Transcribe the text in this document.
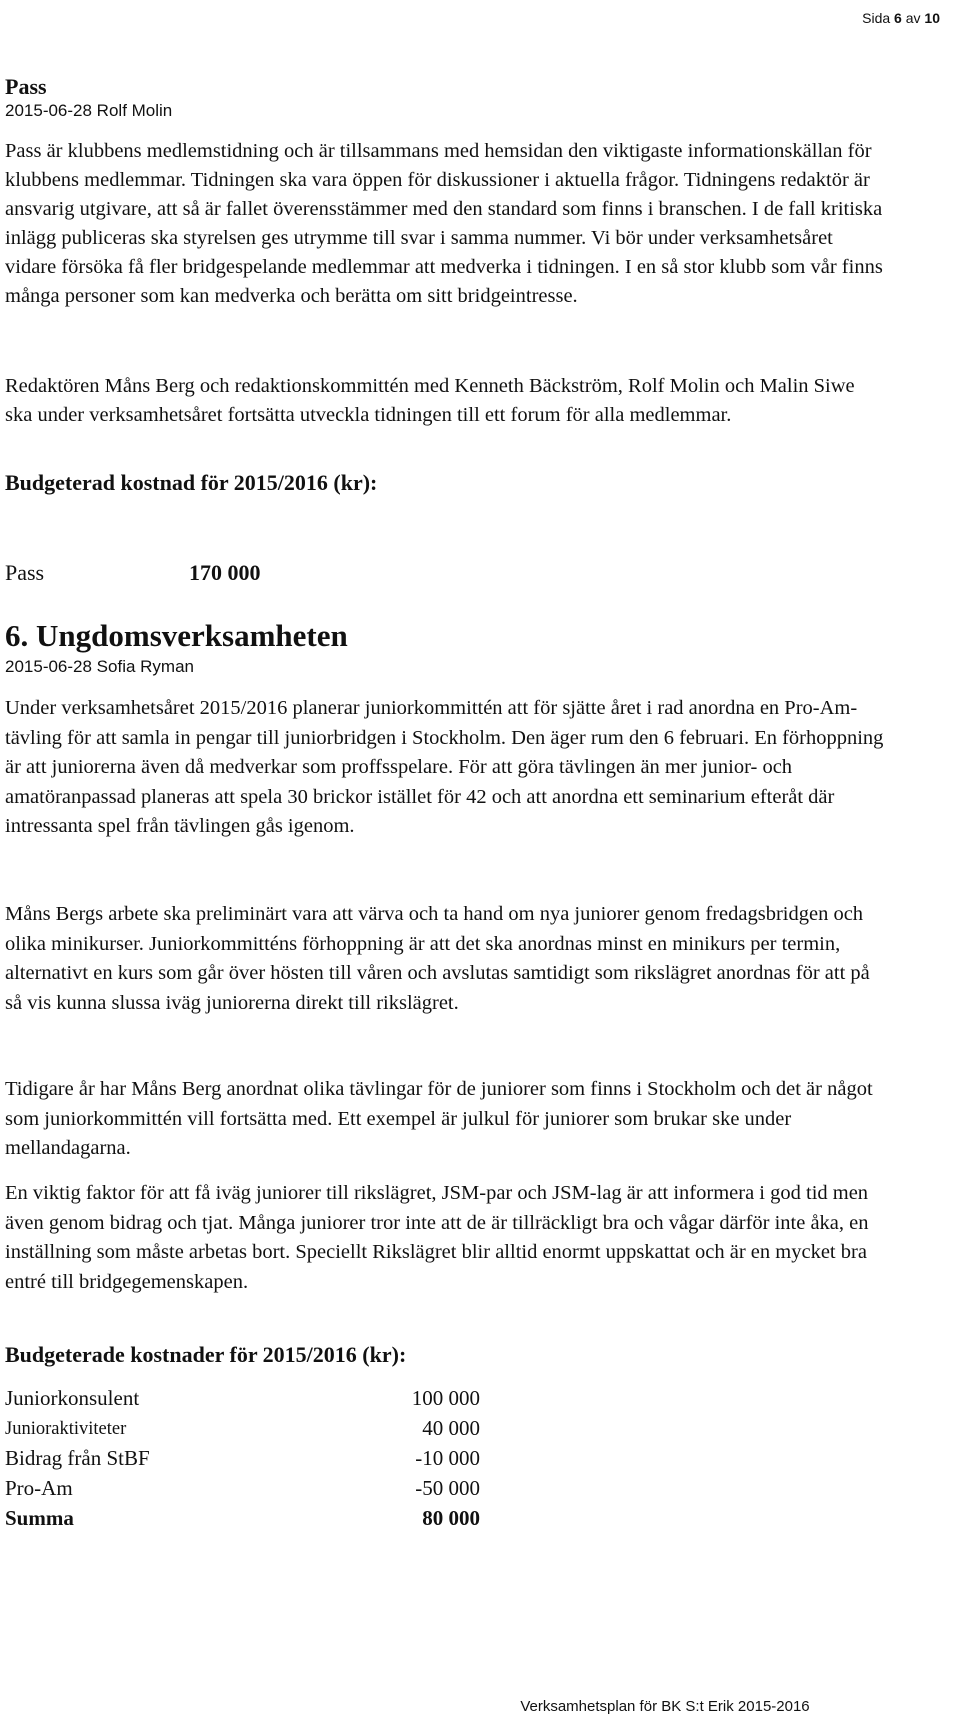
Sida 6 av 10
Pass
2015-06-28 Rolf Molin

Pass är klubbens medlemstidning och är tillsammans med hemsidan den viktigaste informationskällan för klubbens medlemmar. Tidningen ska vara öppen för diskussioner i aktuella frågor. Tidningens redaktör är ansvarig utgivare, att så är fallet överensstämmer med den standard som finns i branschen. I de fall kritiska inlägg publiceras ska styrelsen ges utrymme till svar i samma nummer. Vi bör under verksamhetsåret vidare försöka få fler bridgespelande medlemmar att medverka i tidningen. I en så stor klubb som vår finns många personer som kan medverka och berätta om sitt bridgeintresse.

Redaktören Måns Berg och redaktionskommittén med Kenneth Bäckström, Rolf Molin och Malin Siwe ska under verksamhetsåret fortsätta utveckla tidningen till ett forum för alla medlemmar.

Budgeterad kostnad för 2015/2016 (kr):
Pass	170 000
6. Ungdomsverksamheten
2015-06-28 Sofia Ryman

Under verksamhetsåret 2015/2016 planerar juniorkommittén att för sjätte året i rad anordna en Pro-Am-tävling för att samla in pengar till juniorbridgen i Stockholm. Den äger rum den 6 februari. En förhoppning är att juniorerna även då medverkar som proffsspelare. För att göra tävlingen än mer junior- och amatöranpassad planeras att spela 30 brickor istället för 42 och att anordna ett seminarium efteråt där intressanta spel från tävlingen gås igenom.

Måns Bergs arbete ska preliminärt vara att värva och ta hand om nya juniorer genom fredagsbridgen och olika minikurser. Juniorkommitténs förhoppning är att det ska anordnas minst en minikurs per termin, alternativt en kurs som går över hösten till våren och avslutas samtidigt som rikslägret anordnas för att på så vis kunna slussa iväg juniorerna direkt till rikslägret.

Tidigare år har Måns Berg anordnat olika tävlingar för de juniorer som finns i Stockholm och det är något som juniorkommittén vill fortsätta med. Ett exempel är julkul för juniorer som brukar ske under mellandagarna.

En viktig faktor för att få iväg juniorer till rikslägret, JSM-par och JSM-lag är att informera i god tid men även genom bidrag och tjat. Många juniorer tror inte att de är tillräckligt bra och vågar därför inte åka, en inställning som måste arbetas bort. Speciellt Rikslägret blir alltid enormt uppskattat och är en mycket bra entré till bridgegemenskapen.

Budgeterade kostnader för 2015/2016 (kr):
Juniorkonsulent	100 000
Junioraktiviteter	40 000
Bidrag från StBF	-10 000
Pro-Am	-50 000
Summa	80 000
Verksamhetsplan för BK S:t Erik 2015-2016
